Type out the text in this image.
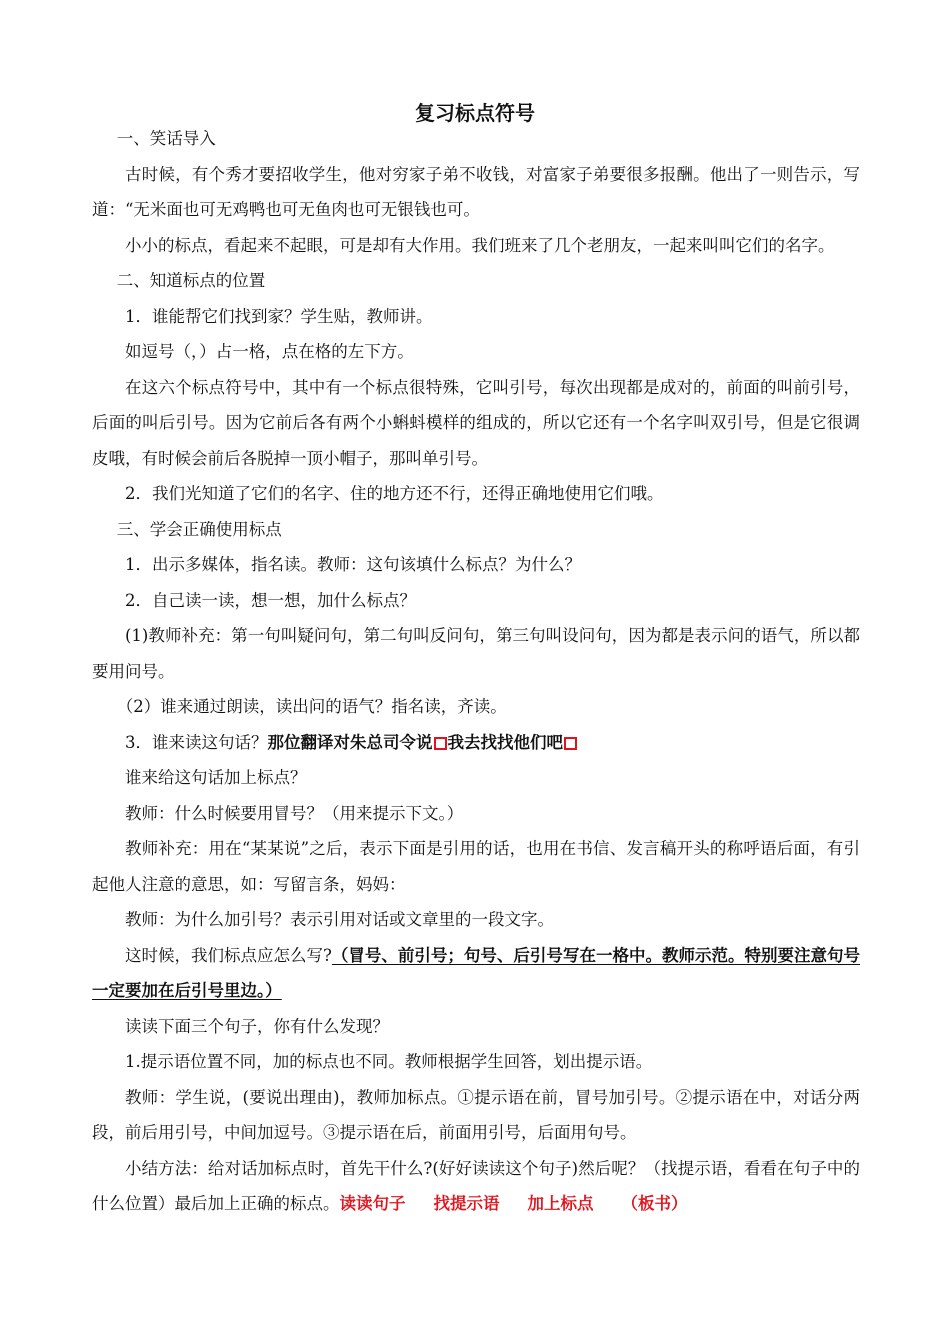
复习标点符号

一、笑话导入

古时候，有个秀才要招收学生，他对穷家子弟不收钱，对富家子弟要很多报酬。他出了一则告示，写道：“无米面也可无鸡鸭也可无鱼肉也可无银钱也可。

小小的标点，看起来不起眼，可是却有大作用。我们班来了几个老朋友，一起来叫叫它们的名字。

二、知道标点的位置

1．谁能帮它们找到家？学生贴，教师讲。

如逗号（，）占一格，点在格的左下方。

在这六个标点符号中，其中有一个标点很特殊，它叫引号，每次出现都是成对的，前面的叫前引号，后面的叫后引号。因为它前后各有两个小蝌蚪模样的组成的，所以它还有一个名字叫双引号，但是它很调皮哦，有时候会前后各脱掉一顶小帽子，那叫单引号。

2．我们光知道了它们的名字、住的地方还不行，还得正确地使用它们哦。

三、学会正确使用标点

1．出示多媒体，指名读。教师：这句该填什么标点？为什么？

2．自己读一读，想一想，加什么标点？

(1)教师补充：第一句叫疑问句，第二句叫反问句，第三句叫设问句，因为都是表示问的语气，所以都要用问号。

（2）谁来通过朗读，读出问的语气？指名读，齐读。

3．谁来读这句话？那位翻译对朱总司令说 我去找找他们吧

谁来给这句话加上标点？

教师：什么时候要用冒号？（用来提示下文。）

教师补充：用在“某某说”之后，表示下面是引用的话，也用在书信、发言稿开头的称呼语后面，有引起他人注意的意思，如：写留言条，妈妈：

教师：为什么加引号？表示引用对话或文章里的一段文字。

这时候，我们标点应怎么写?（冒号、前引号；句号、后引号写在一格中。教师示范。特别要注意句号一定要加在后引号里边。）

读读下面三个句子，你有什么发现？

1.提示语位置不同，加的标点也不同。教师根据学生回答，划出提示语。

教师：学生说，(要说出理由)，教师加标点。①提示语在前，冒号加引号。②提示语在中，对话分两段，前后用引号，中间加逗号。③提示语在后，前面用引号，后面用句号。

小结方法：给对话加标点时，首先干什么?(好好读读这个句子)然后呢？（找提示语，看看在句子中的什么位置）最后加上正确的标点。读读句子 找提示语 加上标点 （板书）
